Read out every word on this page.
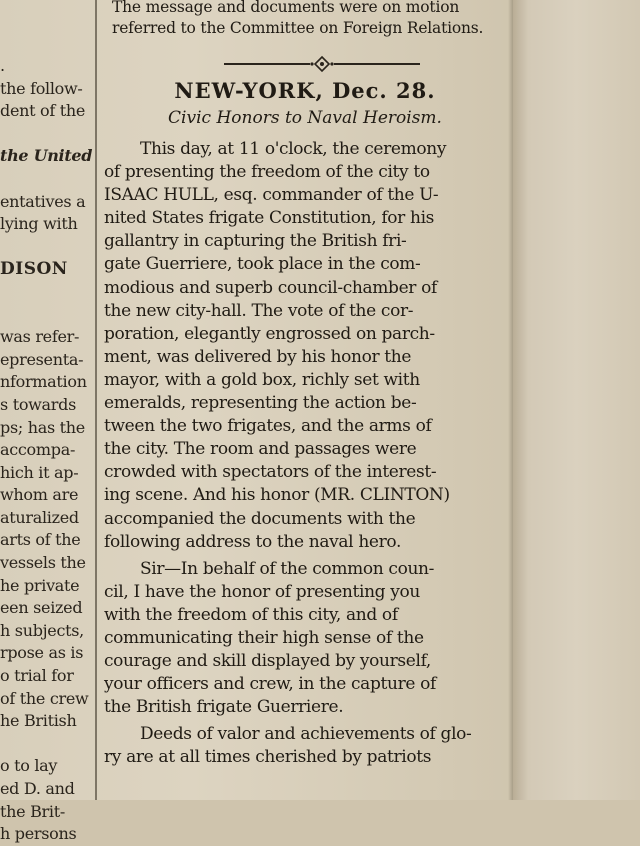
.
the follow-
dent of the

the United

entatives a
lying with

DISON

was refer-
epresenta-
nformation
s towards
ps; has the
accompa-
hich it ap-
whom are
aturalized
arts of the
vessels the
he private
een seized
h subjects,
rpose as is
o trial for
of the crew
he British

o to lay
ed D. and
the Brit-
h persons
The message and documents were on motion
referred to the Committee on Foreign Relations.
NEW-YORK, Dec. 28.
Civic Honors to Naval Heroism.
This day, at 11 o'clock, the ceremony
of presenting the freedom of the city to
ISAAC HULL, esq. commander of the U-
nited States frigate Constitution, for his
gallantry in capturing the British fri-
gate Guerriere, took place in the com-
modious and superb council-chamber of
the new city-hall. The vote of the cor-
poration, elegantly engrossed on parch-
ment, was delivered by his honor the
mayor, with a gold box, richly set with
emeralds, representing the action be-
tween the two frigates, and the arms of
the city. The room and passages were
crowded with spectators of the interest-
ing scene. And his honor (MR. CLINTON)
accompanied the documents with the
following address to the naval hero.
Sir—In behalf of the common coun-
cil, I have the honor of presenting you
with the freedom of this city, and of
communicating their high sense of the
courage and skill displayed by yourself,
your officers and crew, in the capture of
the British frigate Guerriere.
Deeds of valor and achievements of glo-
ry are at all times cherished by patriots
